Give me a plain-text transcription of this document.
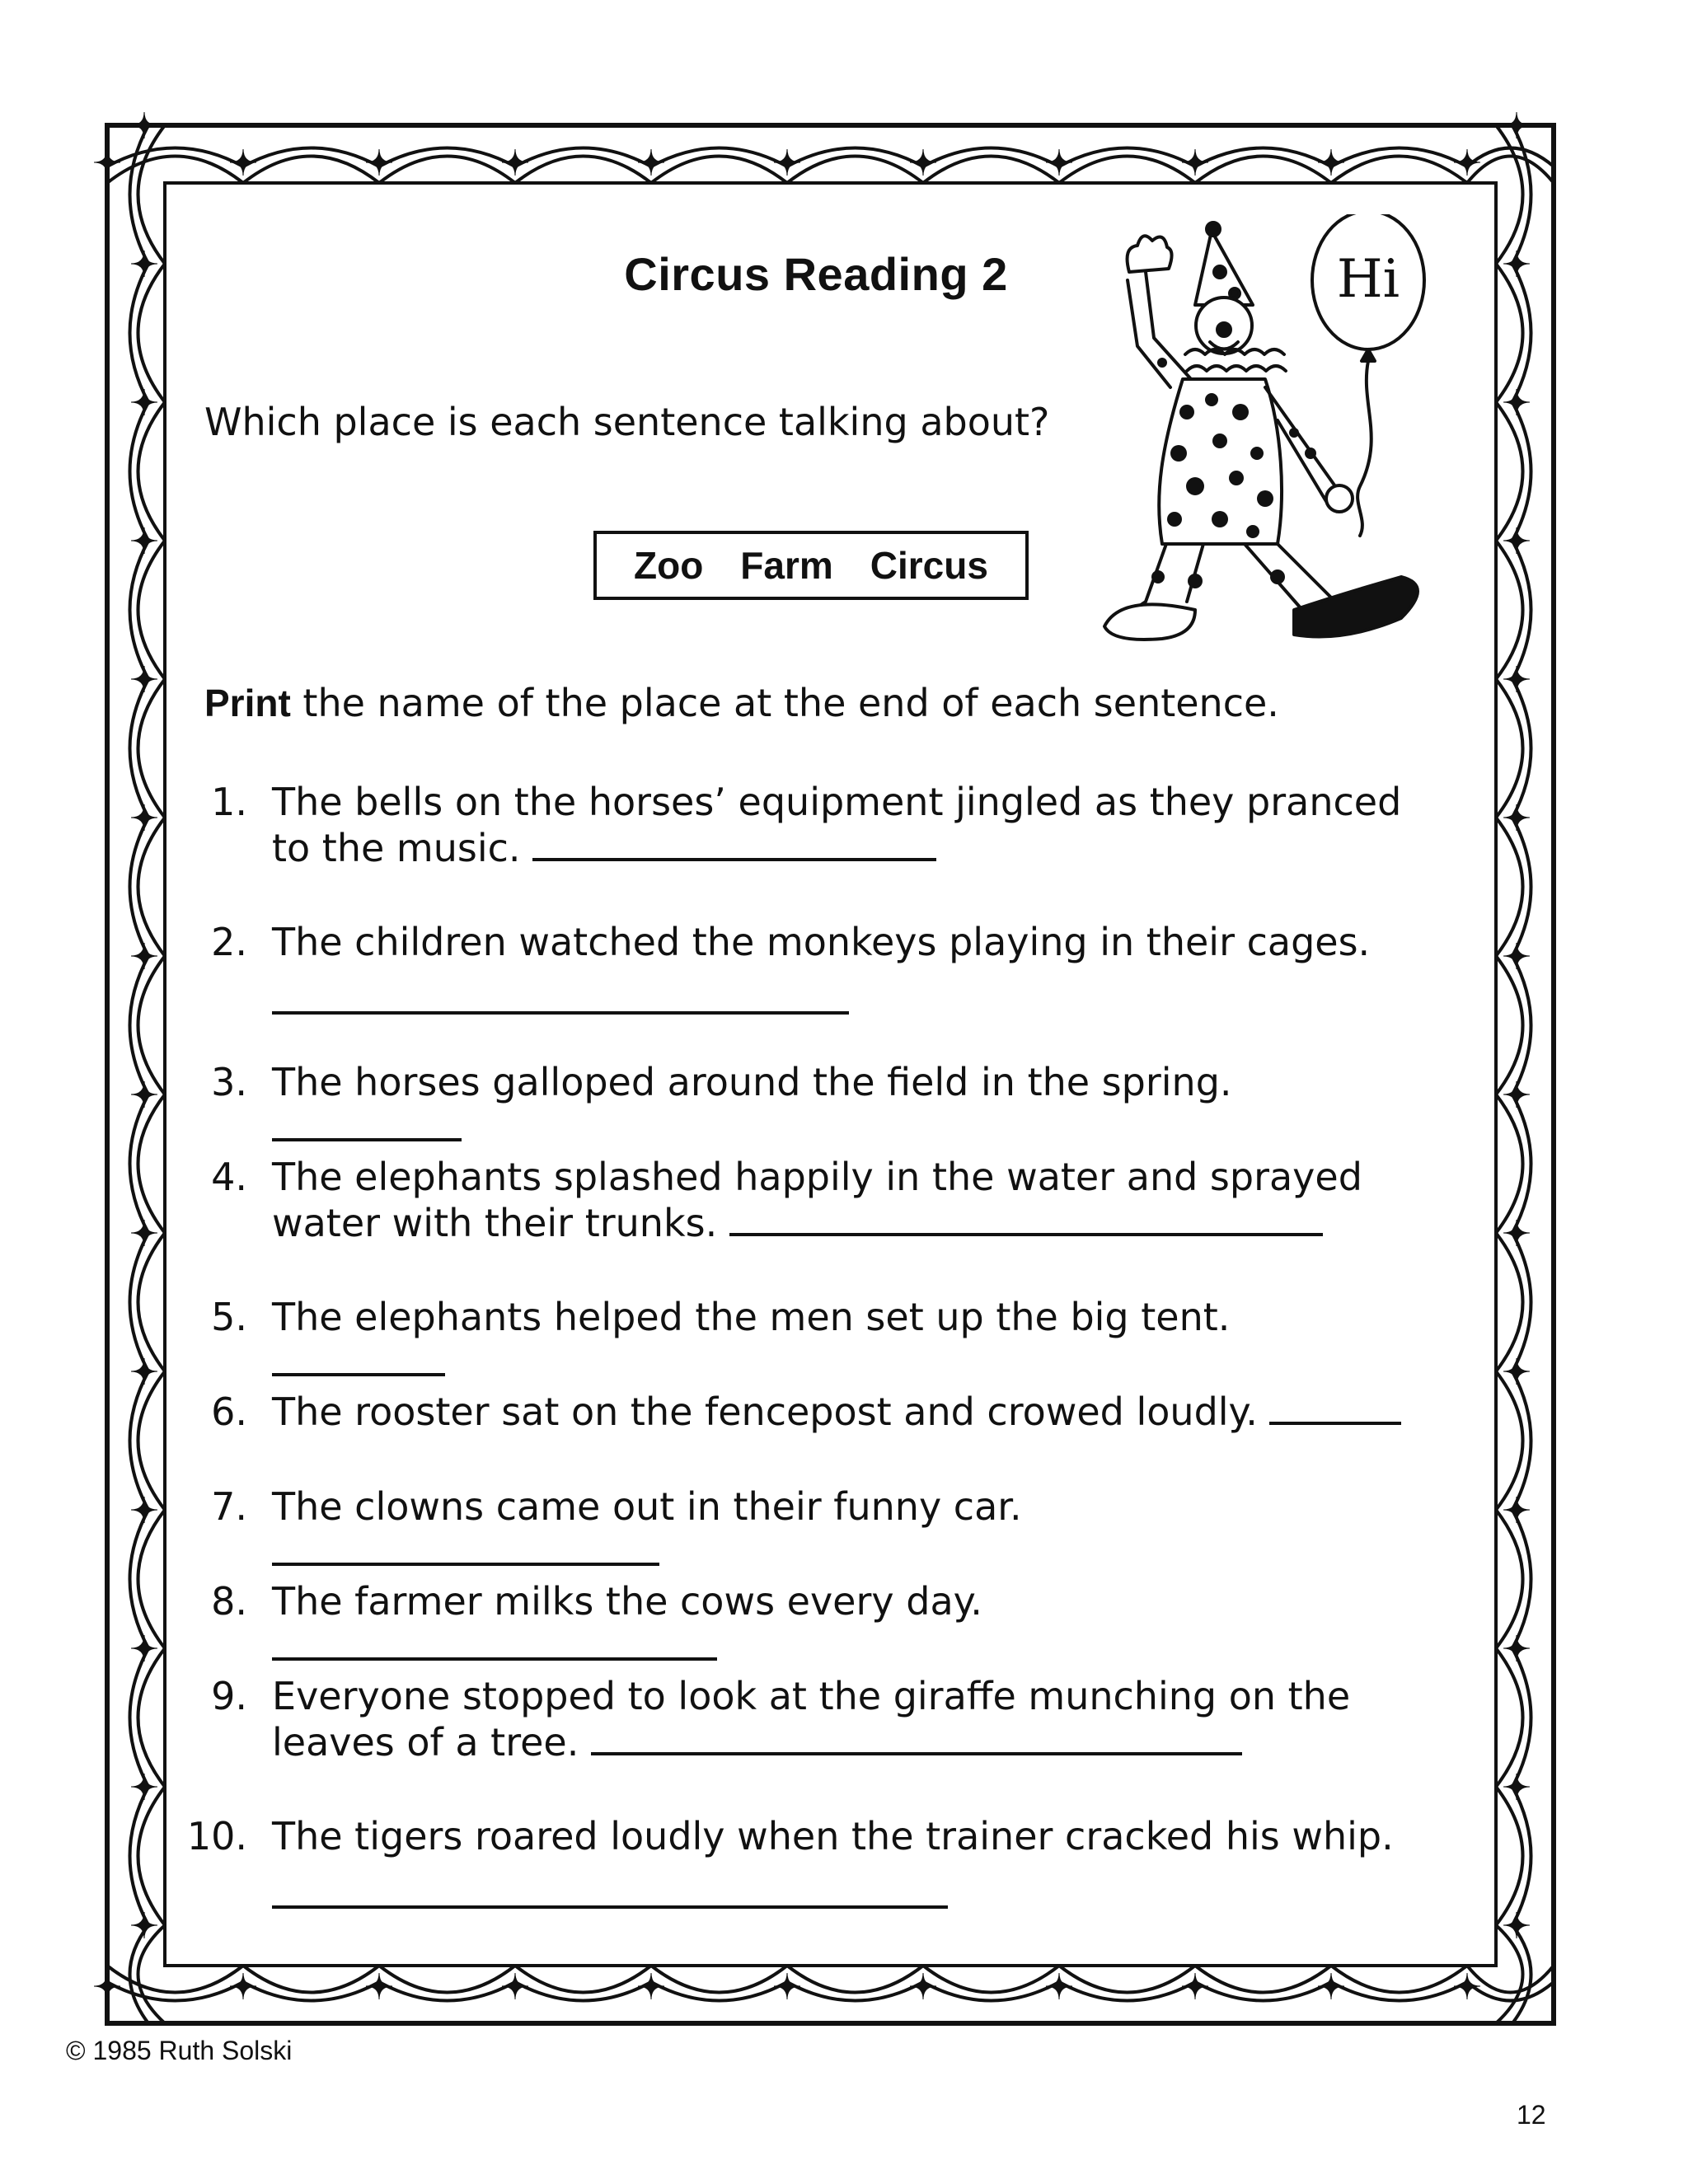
Circus Reading 2	Hi
Which place is each sentence talking about?
Zoo Farm Circus
Print the name of the place at the end of each sentence.
1. The bells on the horses’ equipment jingled as they pranced
to the music.
2. The children watched the monkeys playing in their cages.
3. The horses galloped around the field in the spring.
4. The elephants splashed happily in the water and sprayed
water with their trunks.
5. The elephants helped the men set up the big tent.
6. The rooster sat on the fencepost and crowed loudly.
7. The clowns came out in their funny car.
8. The farmer milks the cows every day.
9. Everyone stopped to look at the giraffe munching on the
leaves of a tree.
10. The tigers roared loudly when the trainer cracked his whip.
© 1985 Ruth Solski
12
